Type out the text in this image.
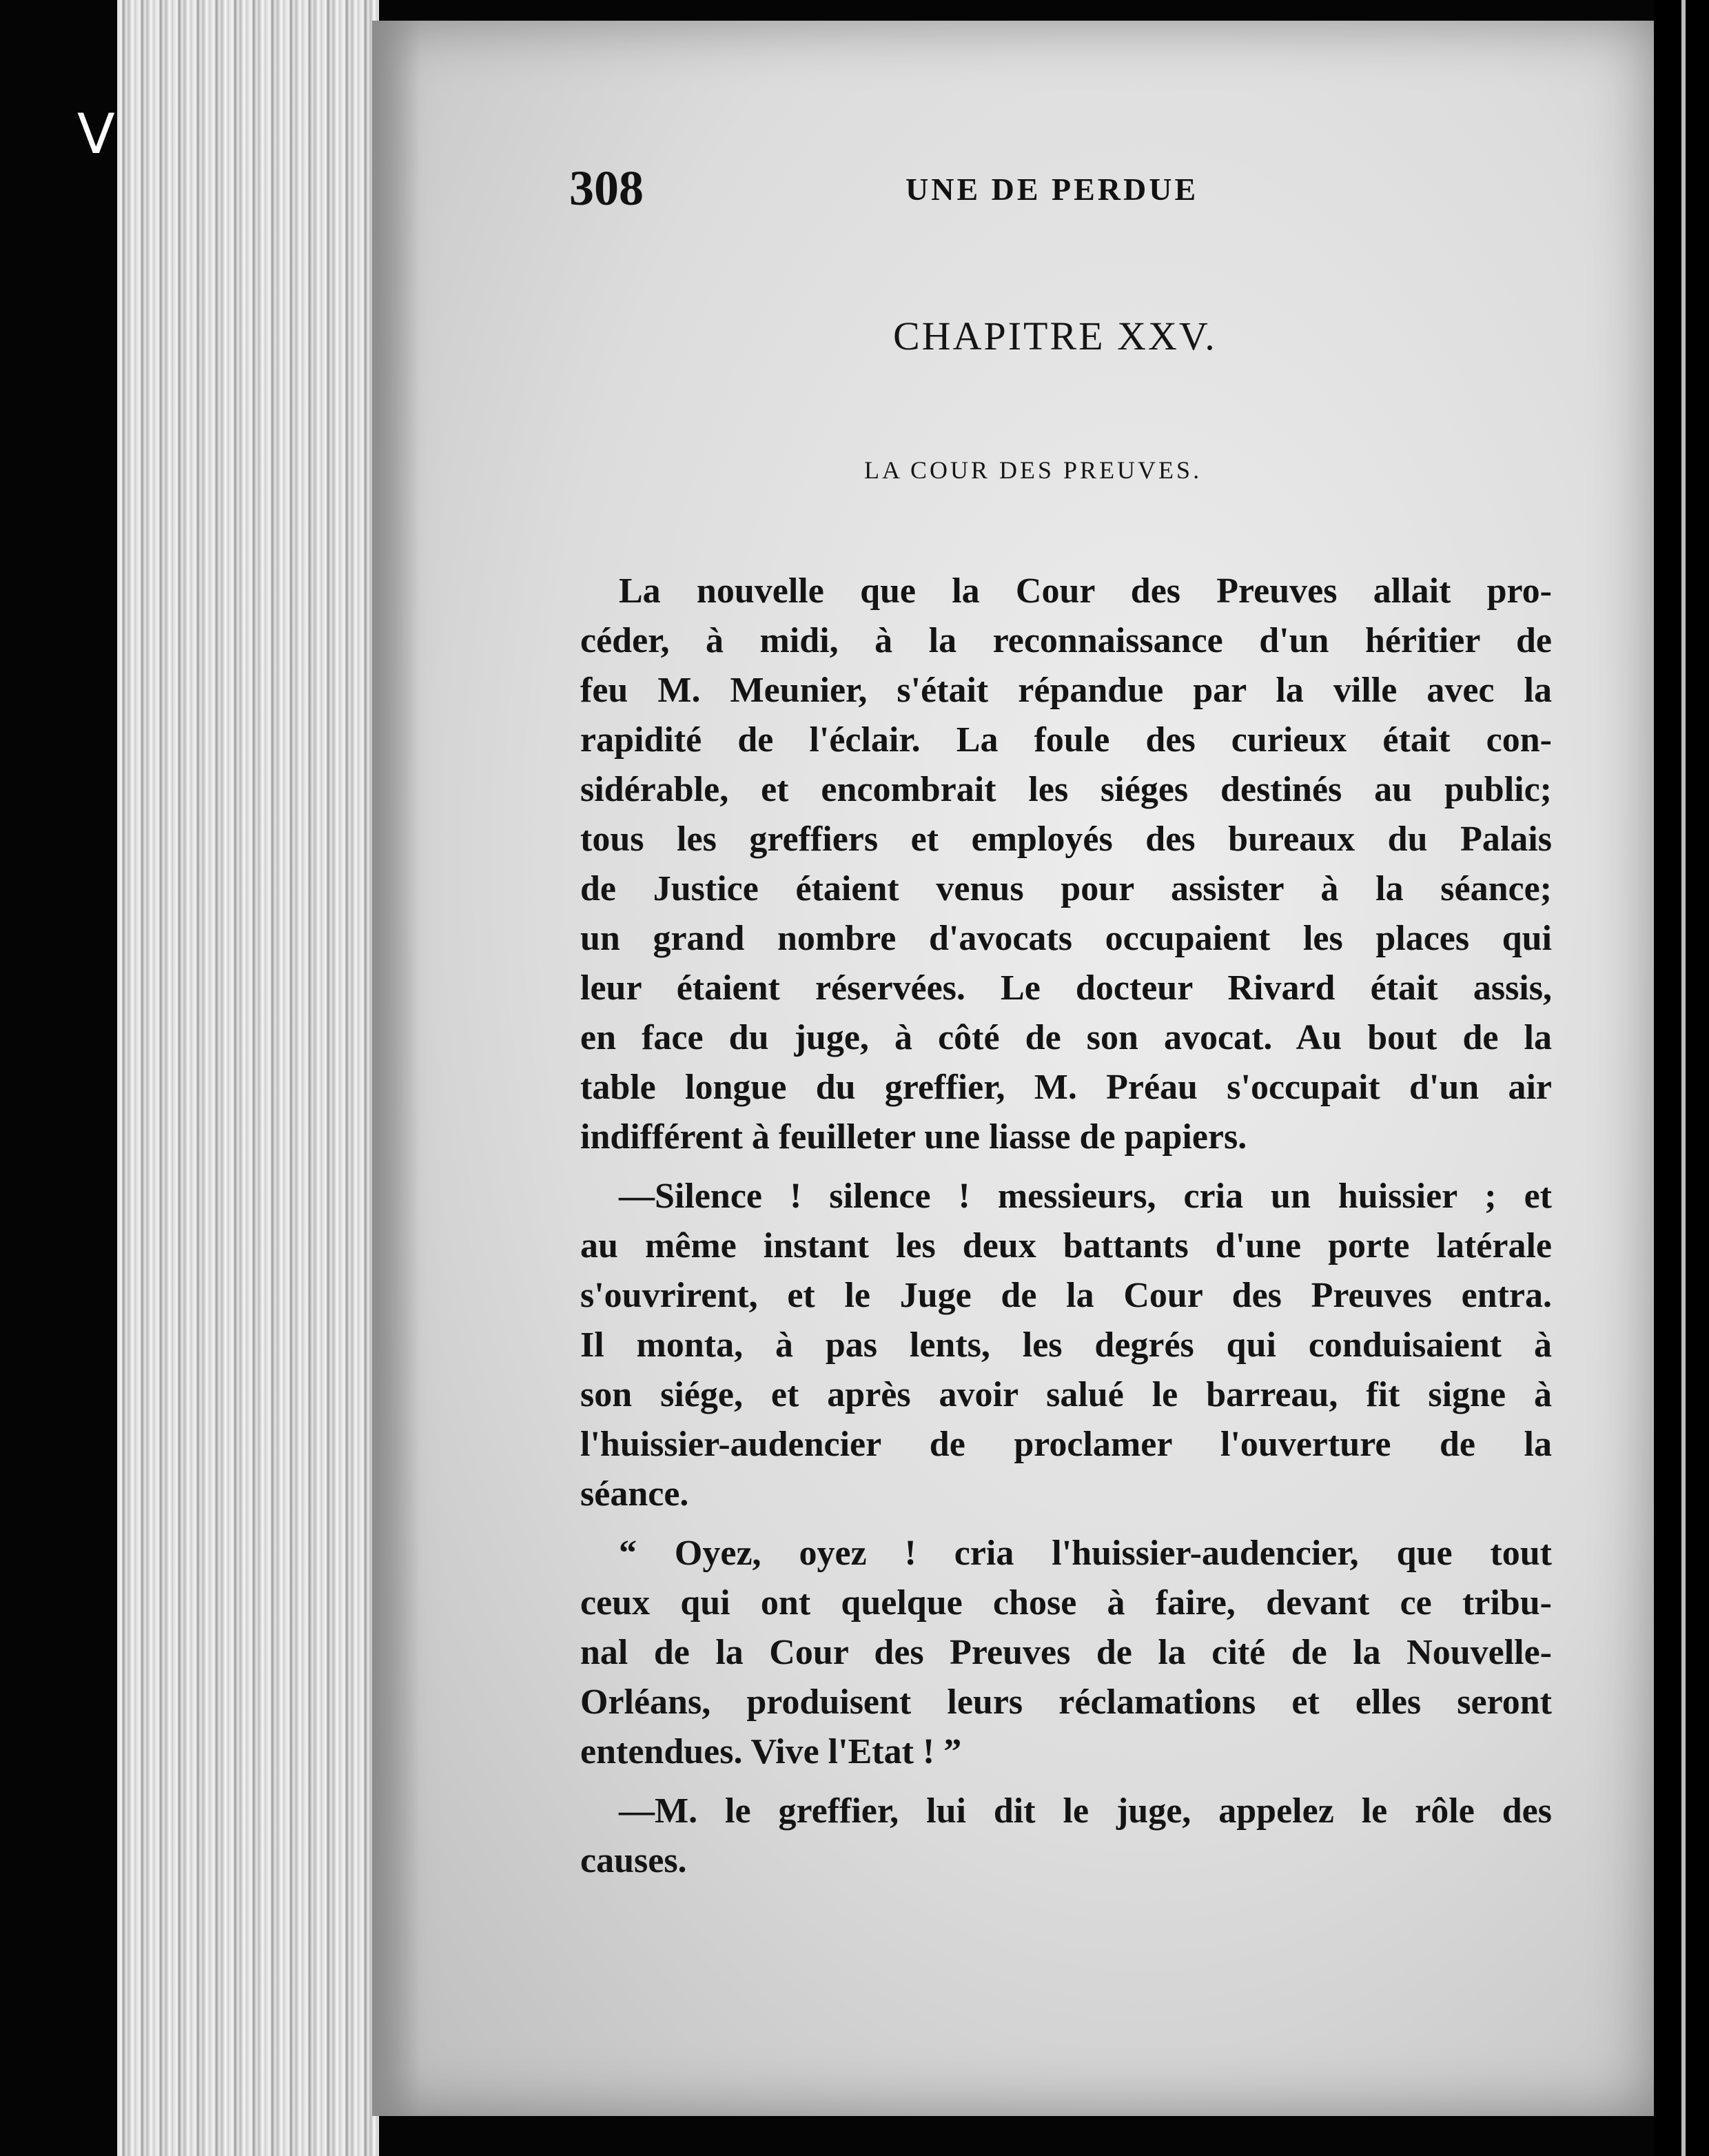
V
308	UNE DE PERDUE
CHAPITRE XXV.
LA COUR DES PREUVES.
La nouvelle que la Cour des Preuves allait pro-
céder, à midi, à la reconnaissance d'un héritier de
feu M. Meunier, s'était répandue par la ville avec la
rapidité de l'éclair. La foule des curieux était con-
sidérable, et encombrait les siéges destinés au public;
tous les greffiers et employés des bureaux du Palais
de Justice étaient venus pour assister à la séance;
un grand nombre d'avocats occupaient les places qui
leur étaient réservées. Le docteur Rivard était assis,
en face du juge, à côté de son avocat. Au bout de la
table longue du greffier, M. Préau s'occupait d'un air
indifférent à feuilleter une liasse de papiers.
—Silence ! silence ! messieurs, cria un huissier ; et
au même instant les deux battants d'une porte latérale
s'ouvrirent, et le Juge de la Cour des Preuves entra.
Il monta, à pas lents, les degrés qui conduisaient à
son siége, et après avoir salué le barreau, fit signe à
l'huissier-audencier de proclamer l'ouverture de la
séance.
“ Oyez, oyez ! cria l'huissier-audencier, que tout
ceux qui ont quelque chose à faire, devant ce tribu-
nal de la Cour des Preuves de la cité de la Nouvelle-
Orléans, produisent leurs réclamations et elles seront
entendues. Vive l'Etat ! ”
—M. le greffier, lui dit le juge, appelez le rôle des
causes.
